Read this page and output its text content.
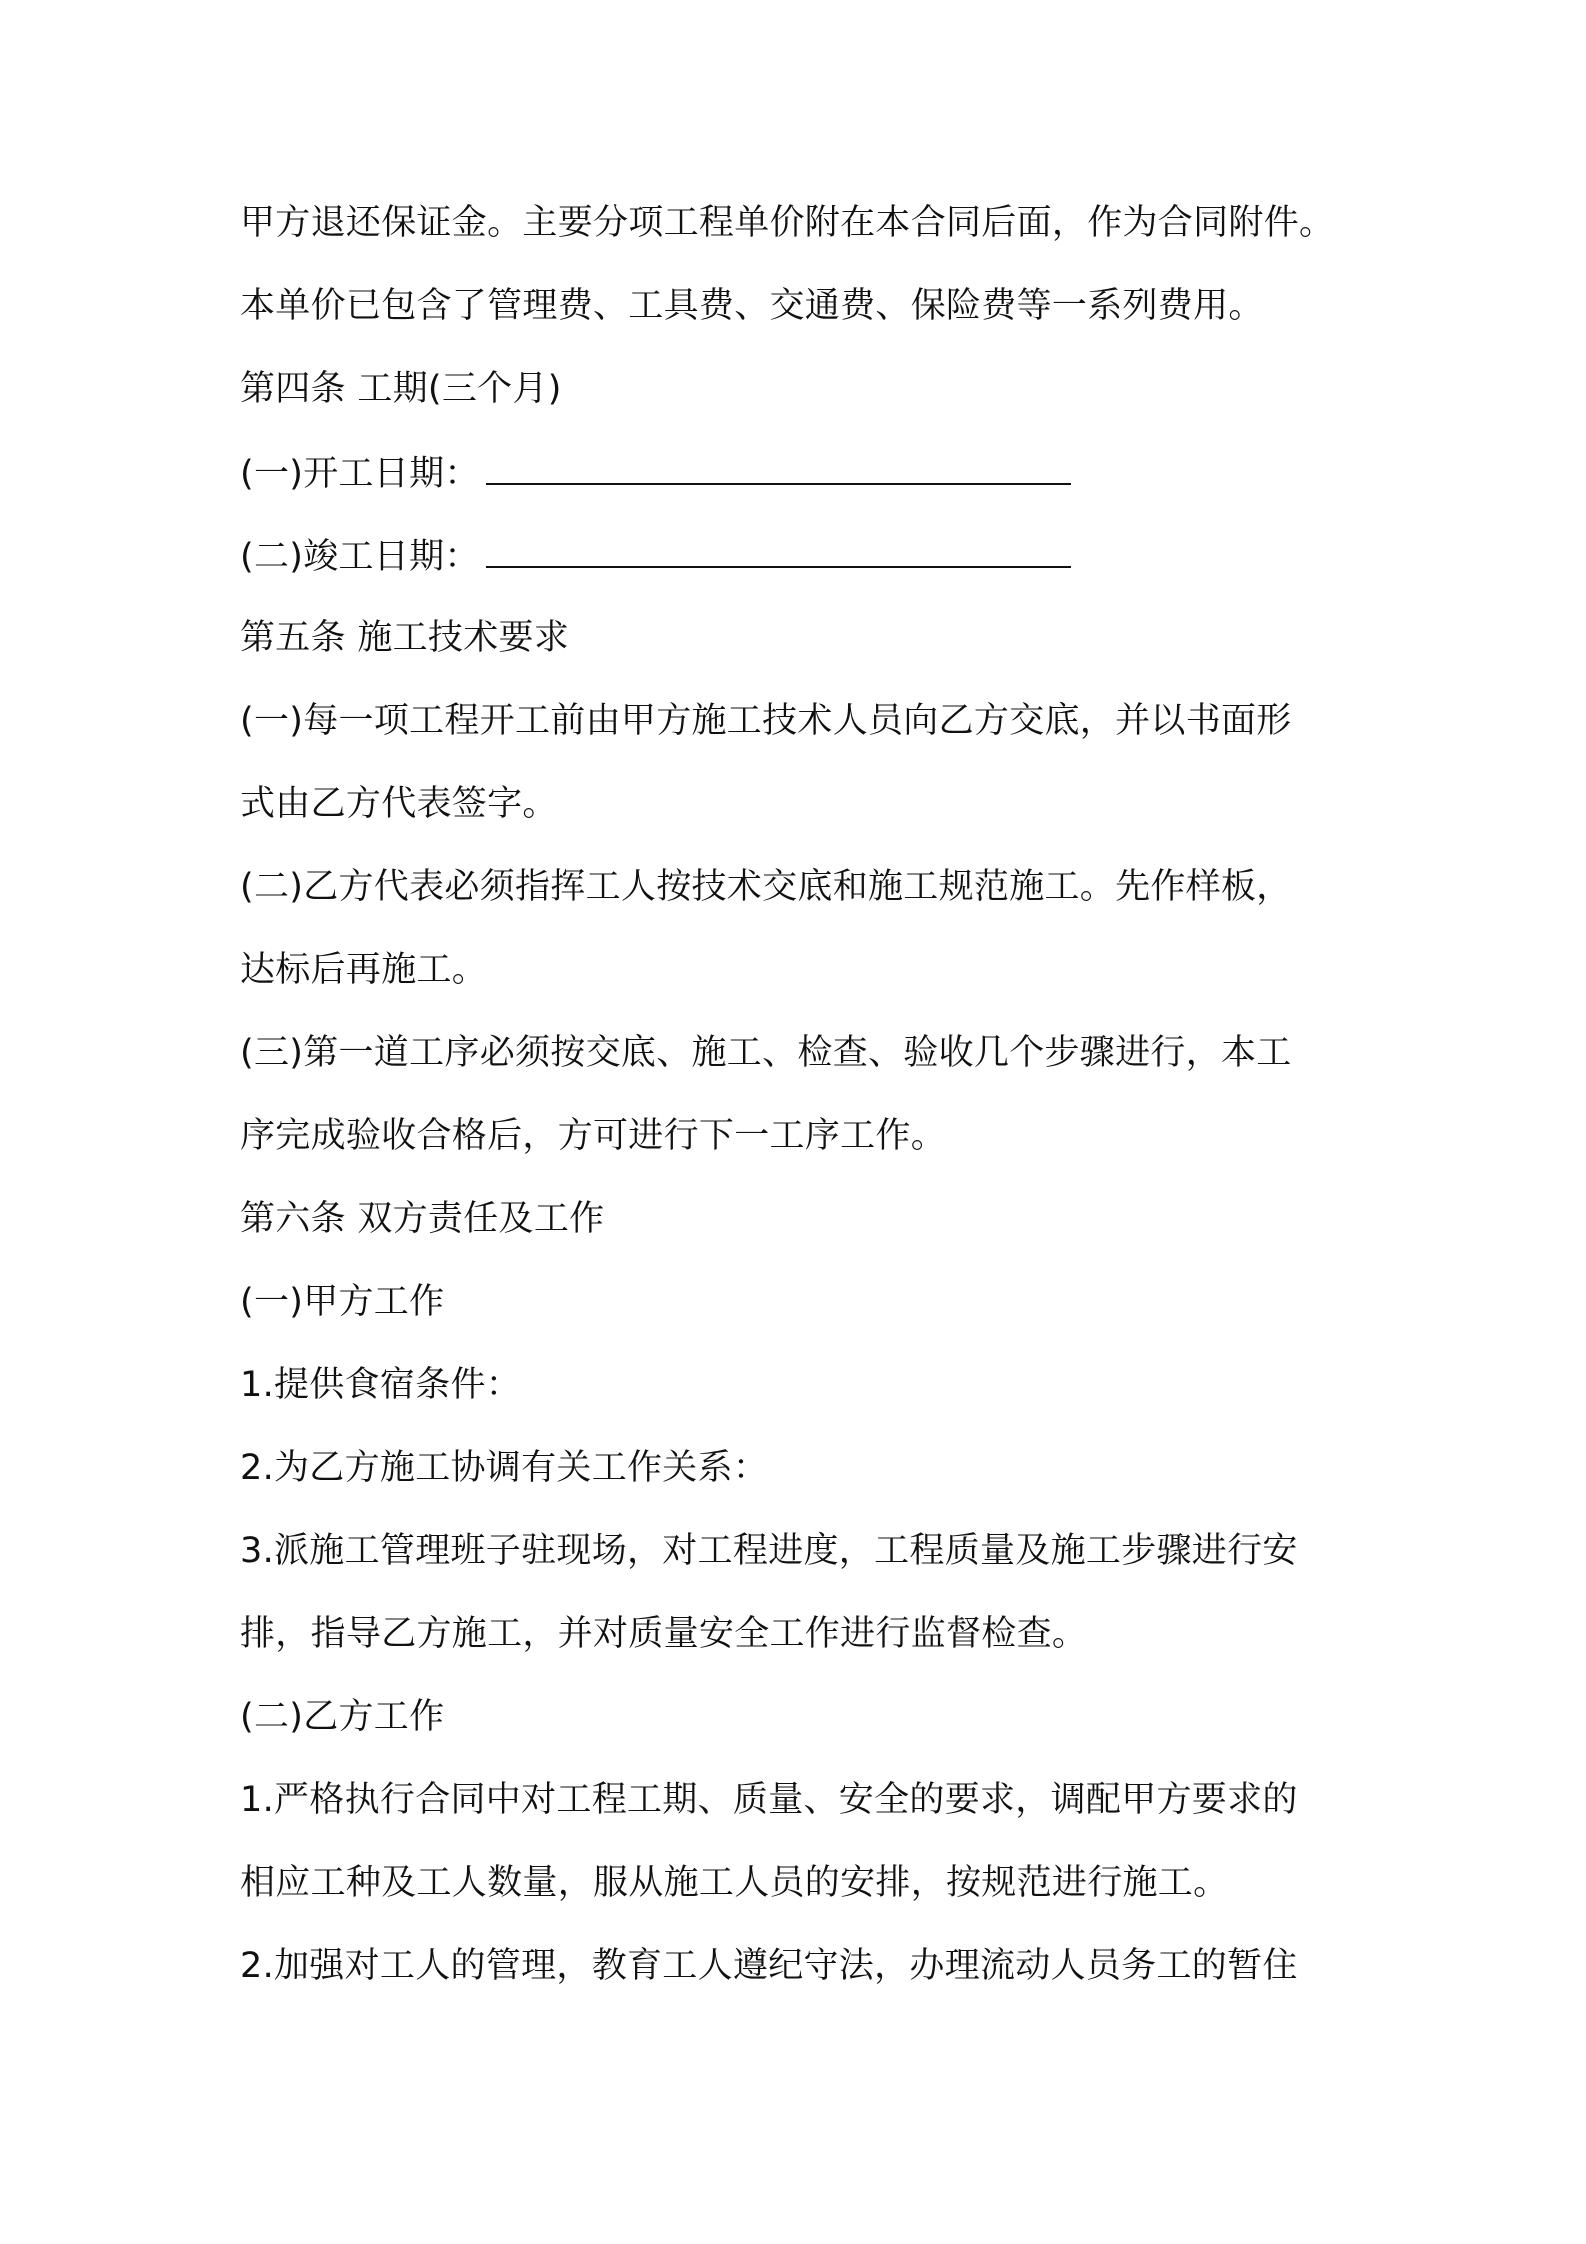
甲方退还保证金。主要分项工程单价附在本合同后面，作为合同附件。
本单价已包含了管理费、工具费、交通费、保险费等一系列费用。
第四条 工期(三个月)
(一)开工日期：
(二)竣工日期：
第五条 施工技术要求
(一)每一项工程开工前由甲方施工技术人员向乙方交底，并以书面形
式由乙方代表签字。
(二)乙方代表必须指挥工人按技术交底和施工规范施工。先作样板，
达标后再施工。
(三)第一道工序必须按交底、施工、检查、验收几个步骤进行，本工
序完成验收合格后，方可进行下一工序工作。
第六条 双方责任及工作
(一)甲方工作
1.提供食宿条件：
2.为乙方施工协调有关工作关系：
3.派施工管理班子驻现场，对工程进度，工程质量及施工步骤进行安
排，指导乙方施工，并对质量安全工作进行监督检查。
(二)乙方工作
1.严格执行合同中对工程工期、质量、安全的要求，调配甲方要求的
相应工种及工人数量，服从施工人员的安排，按规范进行施工。
2.加强对工人的管理，教育工人遵纪守法，办理流动人员务工的暂住
